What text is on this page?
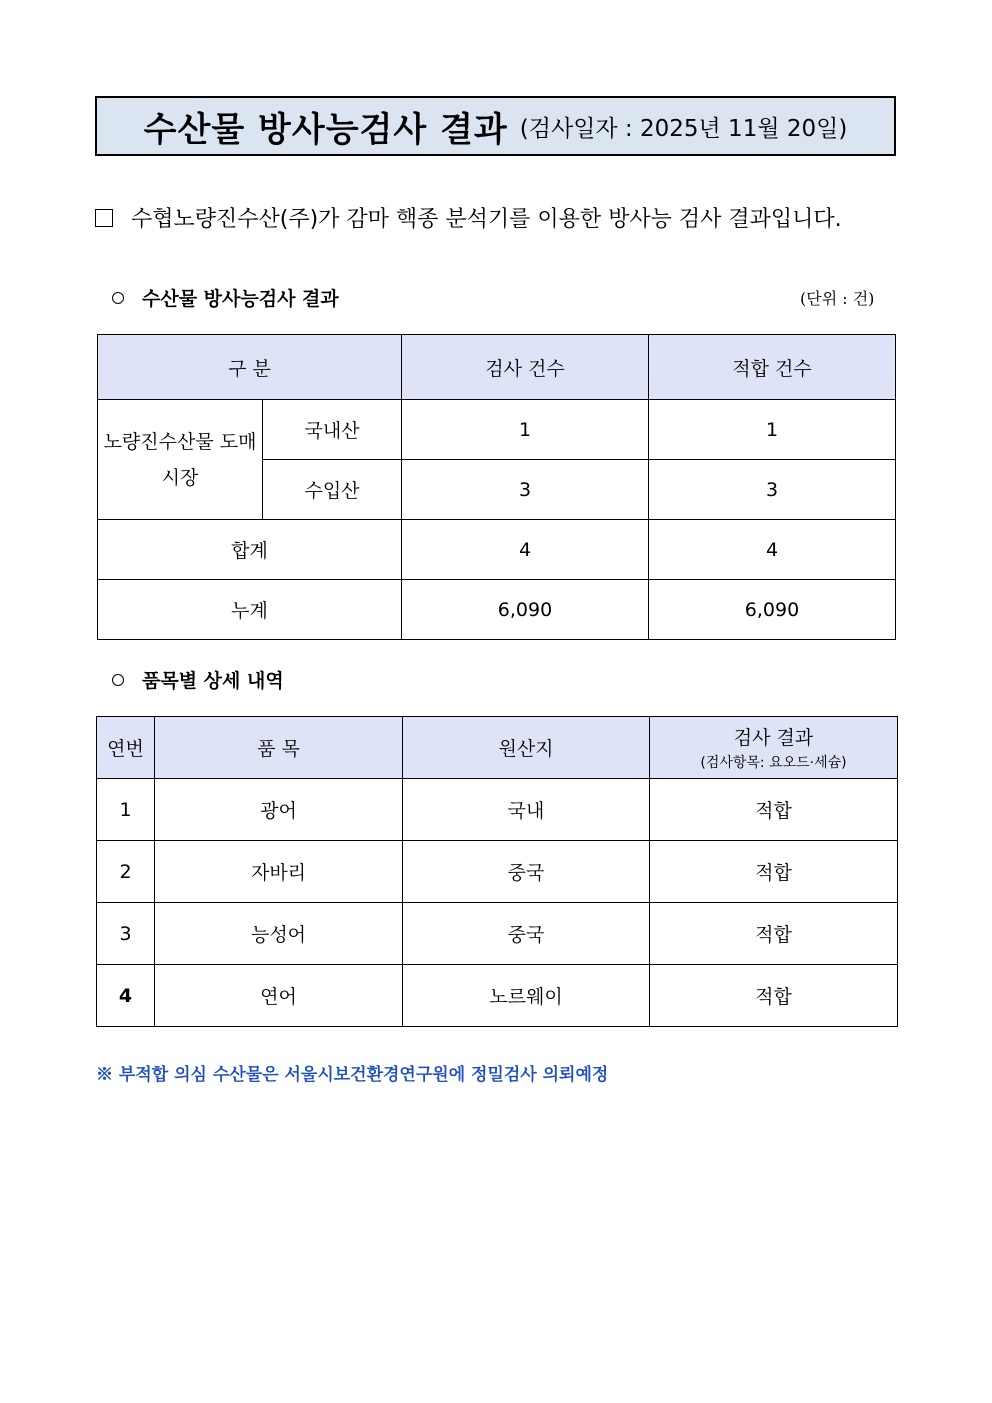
수산물 방사능검사 결과 (검사일자 : 2025년 11월 20일)
수협노량진수산(주)가 감마 핵종 분석기를 이용한 방사능 검사 결과입니다.
수산물 방사능검사 결과	(단위 : 건)
구 분		검사 건수	적합 건수
노량진수산물 도매시장	국내산	1	1
	수입산	3	3
합계		4	4
누계		6,090	6,090
품목별 상세 내역
연번	품 목	원산지	검사 결과
(검사항목: 요오드·세슘)

1	광어	국내	적합
2	자바리	중국	적합
3	능성어	중국	적합
4	연어	노르웨이	적합
※ 부적합 의심 수산물은 서울시보건환경연구원에 정밀검사 의뢰예정
